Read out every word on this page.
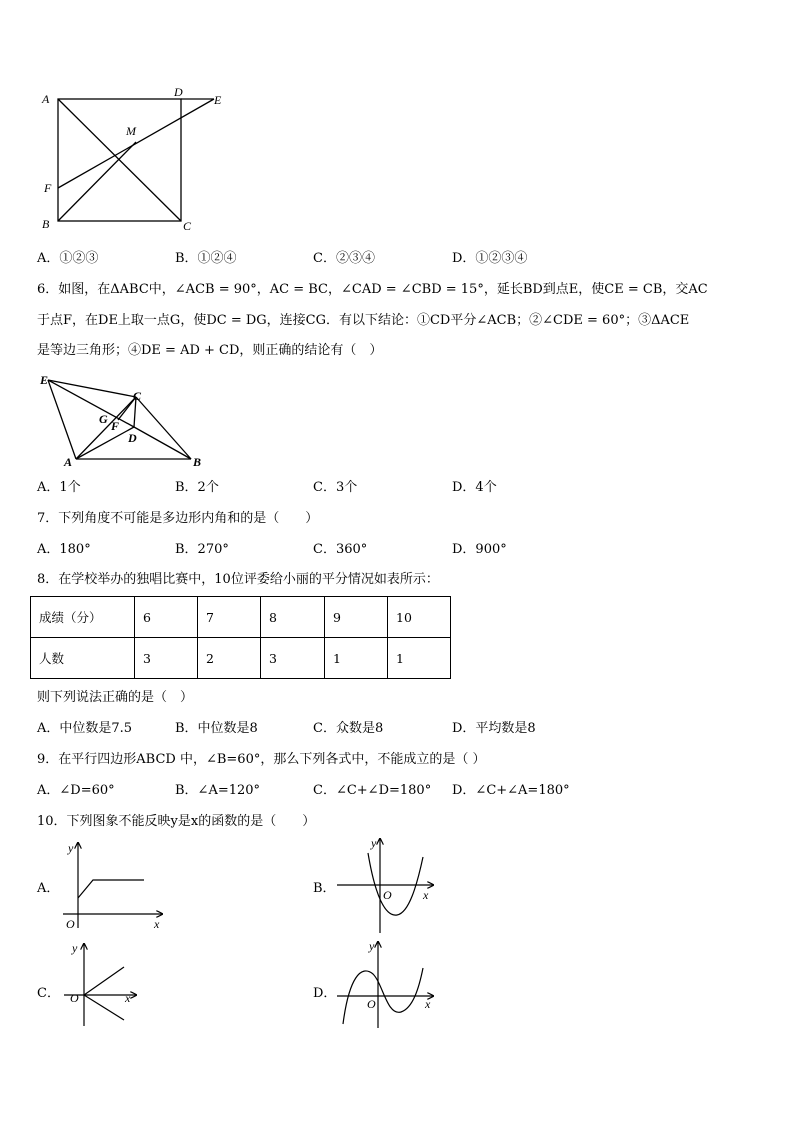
A	D
E
M
F
B	C
A．①②③	B．①②④	C．②③④	D．①②③④
6．如图，在ΔABC中，∠ACB = 90°，AC = BC，∠CAD = ∠CBD = 15°，延长BD到点E，使CE = CB，交AC
于点F，在DE上取一点G，使DC = DG，连接CG．有以下结论：①CD平分∠ACB；②∠CDE = 60°；③ΔACE
是等边三角形；④DE = AD + CD，则正确的结论有（　）
E
C
G F
D
A	B
A．1个	B．2个	C．3个	D．4个
7．下列角度不可能是多边形内角和的是（　　）
A．180°	B．270°	C．360°	D．900°
8．在学校举办的独唱比赛中，10位评委给小丽的平分情况如表所示：
成绩（分）	6	7	8	9	10
人数	3	2	3	1	1
则下列说法正确的是（　）
A．中位数是7.5	B．中位数是8	C．众数是8	D．平均数是8
9．在平行四边形ABCD 中，∠B=60°，那么下列各式中，不能成立的是（ ）
A．∠D=60°	B．∠A=120°	C．∠C+∠D=180° D．∠C+∠A=180°
10．下列图象不能反映y是x的函数的是（　　）
A．
y
x
O
B．
y
x
O
C．
y
x
O	D．
y
x
O
